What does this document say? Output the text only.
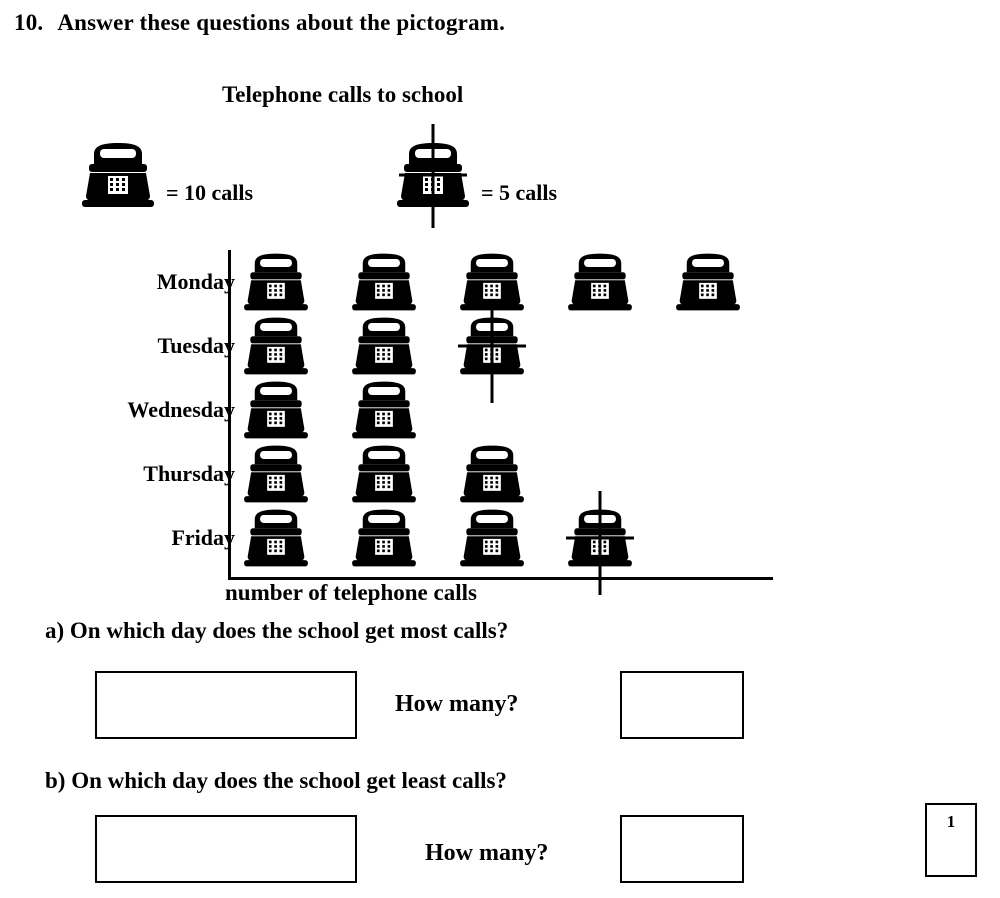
10. Answer these questions about the pictogram.
Telephone calls to school
= 10 calls	= 5 calls
Monday
Tuesday
Wednesday
Thursday
Friday
number of telephone calls
a) On which day does the school get most calls?
How many?
b) On which day does the school get least calls?
How many?
1
